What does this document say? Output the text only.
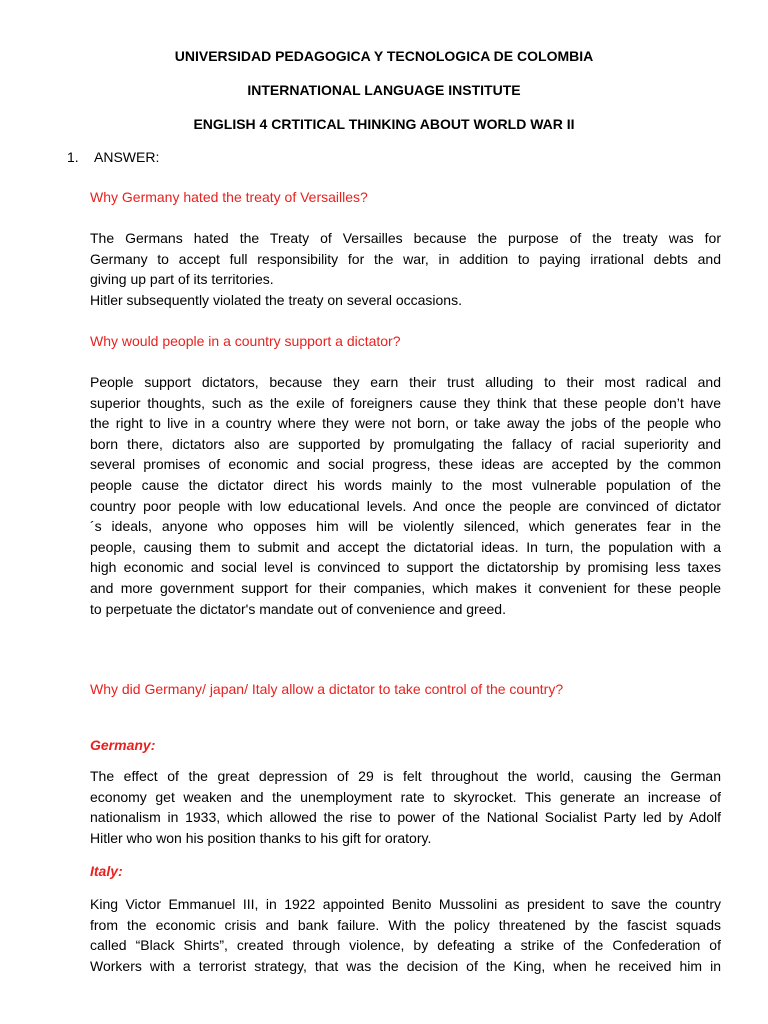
UNIVERSIDAD PEDAGOGICA Y TECNOLOGICA DE COLOMBIA
INTERNATIONAL LANGUAGE INSTITUTE
ENGLISH 4 CRTITICAL THINKING ABOUT WORLD WAR II
1. ANSWER:
Why Germany hated the treaty of Versailles?
The Germans hated the Treaty of Versailles because the purpose of the treaty was for
Germany to accept full responsibility for the war, in addition to paying irrational debts and
giving up part of its territories.
Hitler subsequently violated the treaty on several occasions.
Why would people in a country support a dictator?
People support dictators, because they earn their trust alluding to their most radical and
superior thoughts, such as the exile of foreigners cause they think that these people don’t have
the right to live in a country where they were not born, or take away the jobs of the people who
born there, dictators also are supported by promulgating the fallacy of racial superiority and
several promises of economic and social progress, these ideas are accepted by the common
people cause the dictator direct his words mainly to the most vulnerable population of the
country poor people with low educational levels. And once the people are convinced of dictator
´s ideals, anyone who opposes him will be violently silenced, which generates fear in the
people, causing them to submit and accept the dictatorial ideas. In turn, the population with a
high economic and social level is convinced to support the dictatorship by promising less taxes
and more government support for their companies, which makes it convenient for these people
to perpetuate the dictator's mandate out of convenience and greed.
Why did Germany/ japan/ Italy allow a dictator to take control of the country?
Germany:
The effect of the great depression of 29 is felt throughout the world, causing the German
economy get weaken and the unemployment rate to skyrocket. This generate an increase of
nationalism in 1933, which allowed the rise to power of the National Socialist Party led by Adolf
Hitler who won his position thanks to his gift for oratory.
Italy:
King Victor Emmanuel III, in 1922 appointed Benito Mussolini as president to save the country
from the economic crisis and bank failure. With the policy threatened by the fascist squads
called “Black Shirts”, created through violence, by defeating a strike of the Confederation of
Workers with a terrorist strategy, that was the decision of the King, when he received him in
